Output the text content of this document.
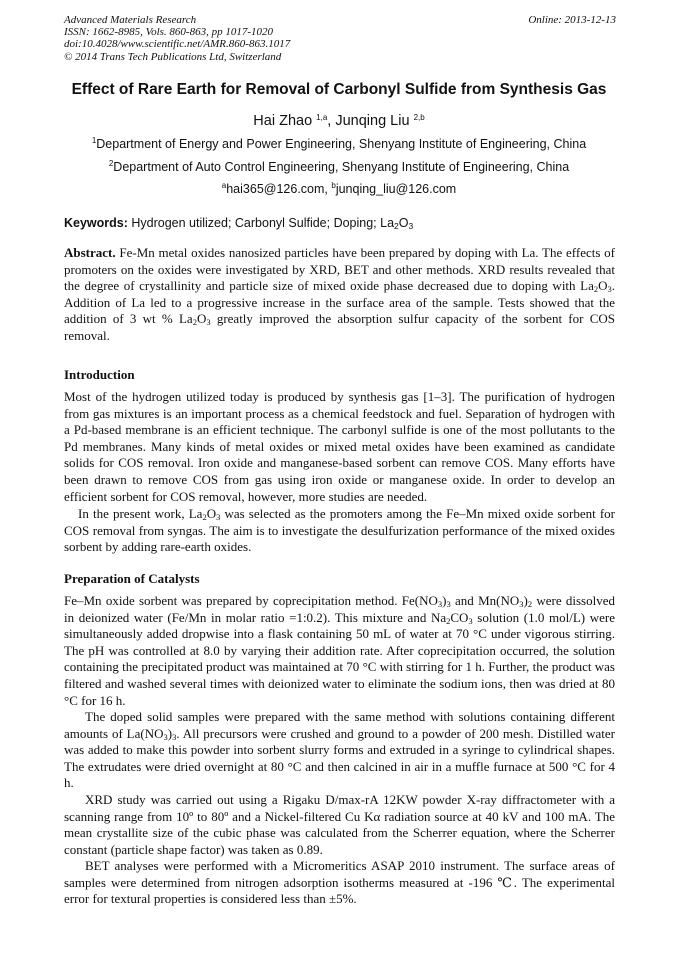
Advanced Materials Research
ISSN: 1662-8985, Vols. 860-863, pp 1017-1020
doi:10.4028/www.scientific.net/AMR.860-863.1017
© 2014 Trans Tech Publications Ltd, Switzerland
Online: 2013-12-13
Effect of Rare Earth for Removal of Carbonyl Sulfide from Synthesis Gas
Hai Zhao $^{1,a}$, Junqing Liu $^{2,b}$
$^1$Department of Energy and Power Engineering, Shenyang Institute of Engineering, China
$^2$Department of Auto Control Engineering, Shenyang Institute of Engineering, China
$^a$hai365@126.com, $^b$junqing_liu@126.com
Keywords: Hydrogen utilized; Carbonyl Sulfide; Doping; $La_2O_3$

Abstract. Fe-Mn metal oxides nanosized particles have been prepared by doping with La. The effects of promoters on the oxides were investigated by XRD, BET and other methods. XRD results revealed that the degree of crystallinity and particle size of mixed oxide phase decreased due to doping with $La_2O_3$. Addition of La led to a progressive increase in the surface area of the sample. Tests showed that the addition of 3 wt % $La_2O_3$ greatly improved the absorption sulfur capacity of the sorbent for COS removal.

Introduction

Most of the hydrogen utilized today is produced by synthesis gas [1–3]. The purification of hydrogen from gas mixtures is an important process as a chemical feedstock and fuel. Separation of hydrogen with a Pd-based membrane is an efficient technique. The carbonyl sulfide is one of the most pollutants to the Pd membranes. Many kinds of metal oxides or mixed metal oxides have been examined as candidate solids for COS removal. Iron oxide and manganese-based sorbent can remove COS. Many efforts have been drawn to remove COS from gas using iron oxide or manganese oxide. In order to develop an efficient sorbent for COS removal, however, more studies are needed.

In the present work, $La_2O_3$ was selected as the promoters among the Fe–Mn mixed oxide sorbent for COS removal from syngas. The aim is to investigate the desulfurization performance of the mixed oxides sorbent by adding rare-earth oxides.

Preparation of Catalysts

Fe–Mn oxide sorbent was prepared by coprecipitation method. $Fe(NO_3)_3$ and $Mn(NO_3)_2$ were dissolved in deionized water (Fe/Mn in molar ratio =1:0.2). This mixture and $Na_2CO_3$ solution (1.0 mol/L) were simultaneously added dropwise into a flask containing 50 mL of water at 70 °C under vigorous stirring. The pH was controlled at 8.0 by varying their addition rate. After coprecipitation occurred, the solution containing the precipitated product was maintained at 70 °C with stirring for 1 h. Further, the product was filtered and washed several times with deionized water to eliminate the sodium ions, then was dried at 80 °C for 16 h.

The doped solid samples were prepared with the same method with solutions containing different amounts of $La(NO_3)_3$. All precursors were crushed and ground to a powder of 200 mesh. Distilled water was added to make this powder into sorbent slurry forms and extruded in a syringe to cylindrical shapes. The extrudates were dried overnight at 80 °C and then calcined in air in a muffle furnace at 500 °C for 4 h.

XRD study was carried out using a Rigaku D/max-rA 12KW powder X-ray diffractometer with a scanning range from 10º to 80º and a Nickel-filtered Cu Kα radiation source at 40 kV and 100 mA. The mean crystallite size of the cubic phase was calculated from the Scherrer equation, where the Scherrer constant (particle shape factor) was taken as 0.89.

BET analyses were performed with a Micromeritics ASAP 2010 instrument. The surface areas of samples were determined from nitrogen adsorption isotherms measured at -196 ℃. The experimental error for textural properties is considered less than ±5%.
